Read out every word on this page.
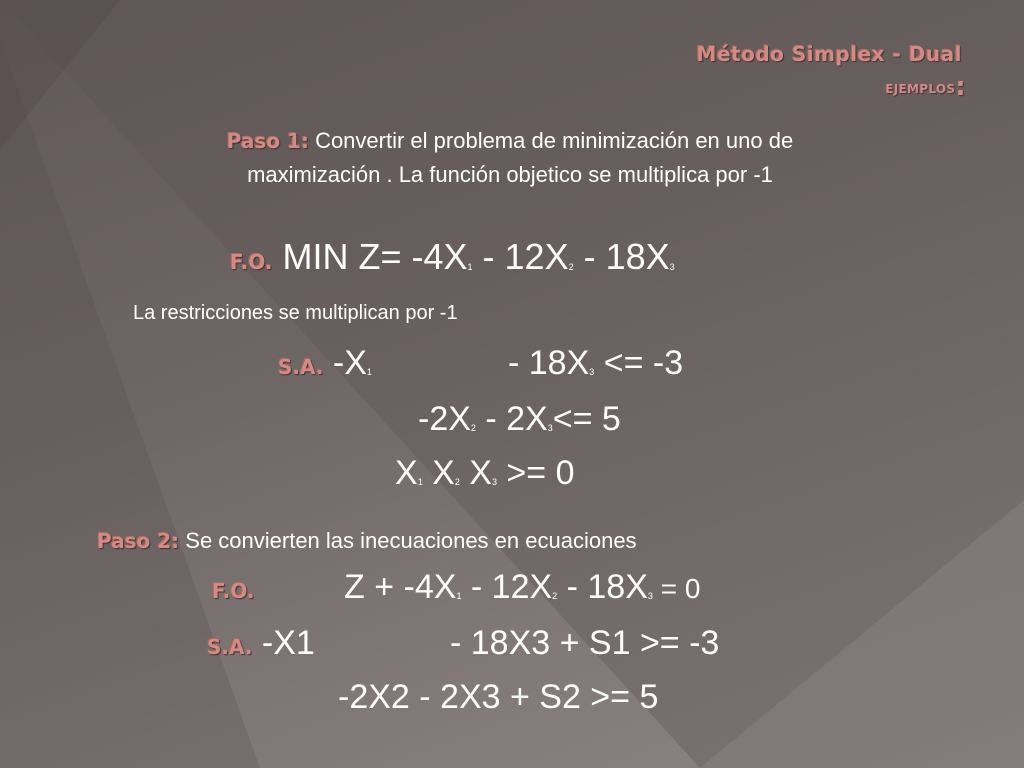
Método Simplex - Dual
EJEMPLOS:
Paso 1: Convertir el problema de minimización en uno de
maximización . La función objetico se multiplica por -1
F.O. MIN $Z= -4X_1 - 12X_2 - 18X_3$
La restricciones se multiplican por -1
S.A. $-X_1$	- $18X_3 <= -3$
$-2X_2 - 2X_3<= 5$
$X_1$ $X_2$ $X_3 >= 0$
Paso 2: Se convierten las inecuaciones en ecuaciones
F.O.	$Z + -4X_1 - 12X_2 - 18X_3 = 0$
S.A. -X1	- 18X3 + S1 >= -3
-2X2 - 2X3 + S2 >= 5
